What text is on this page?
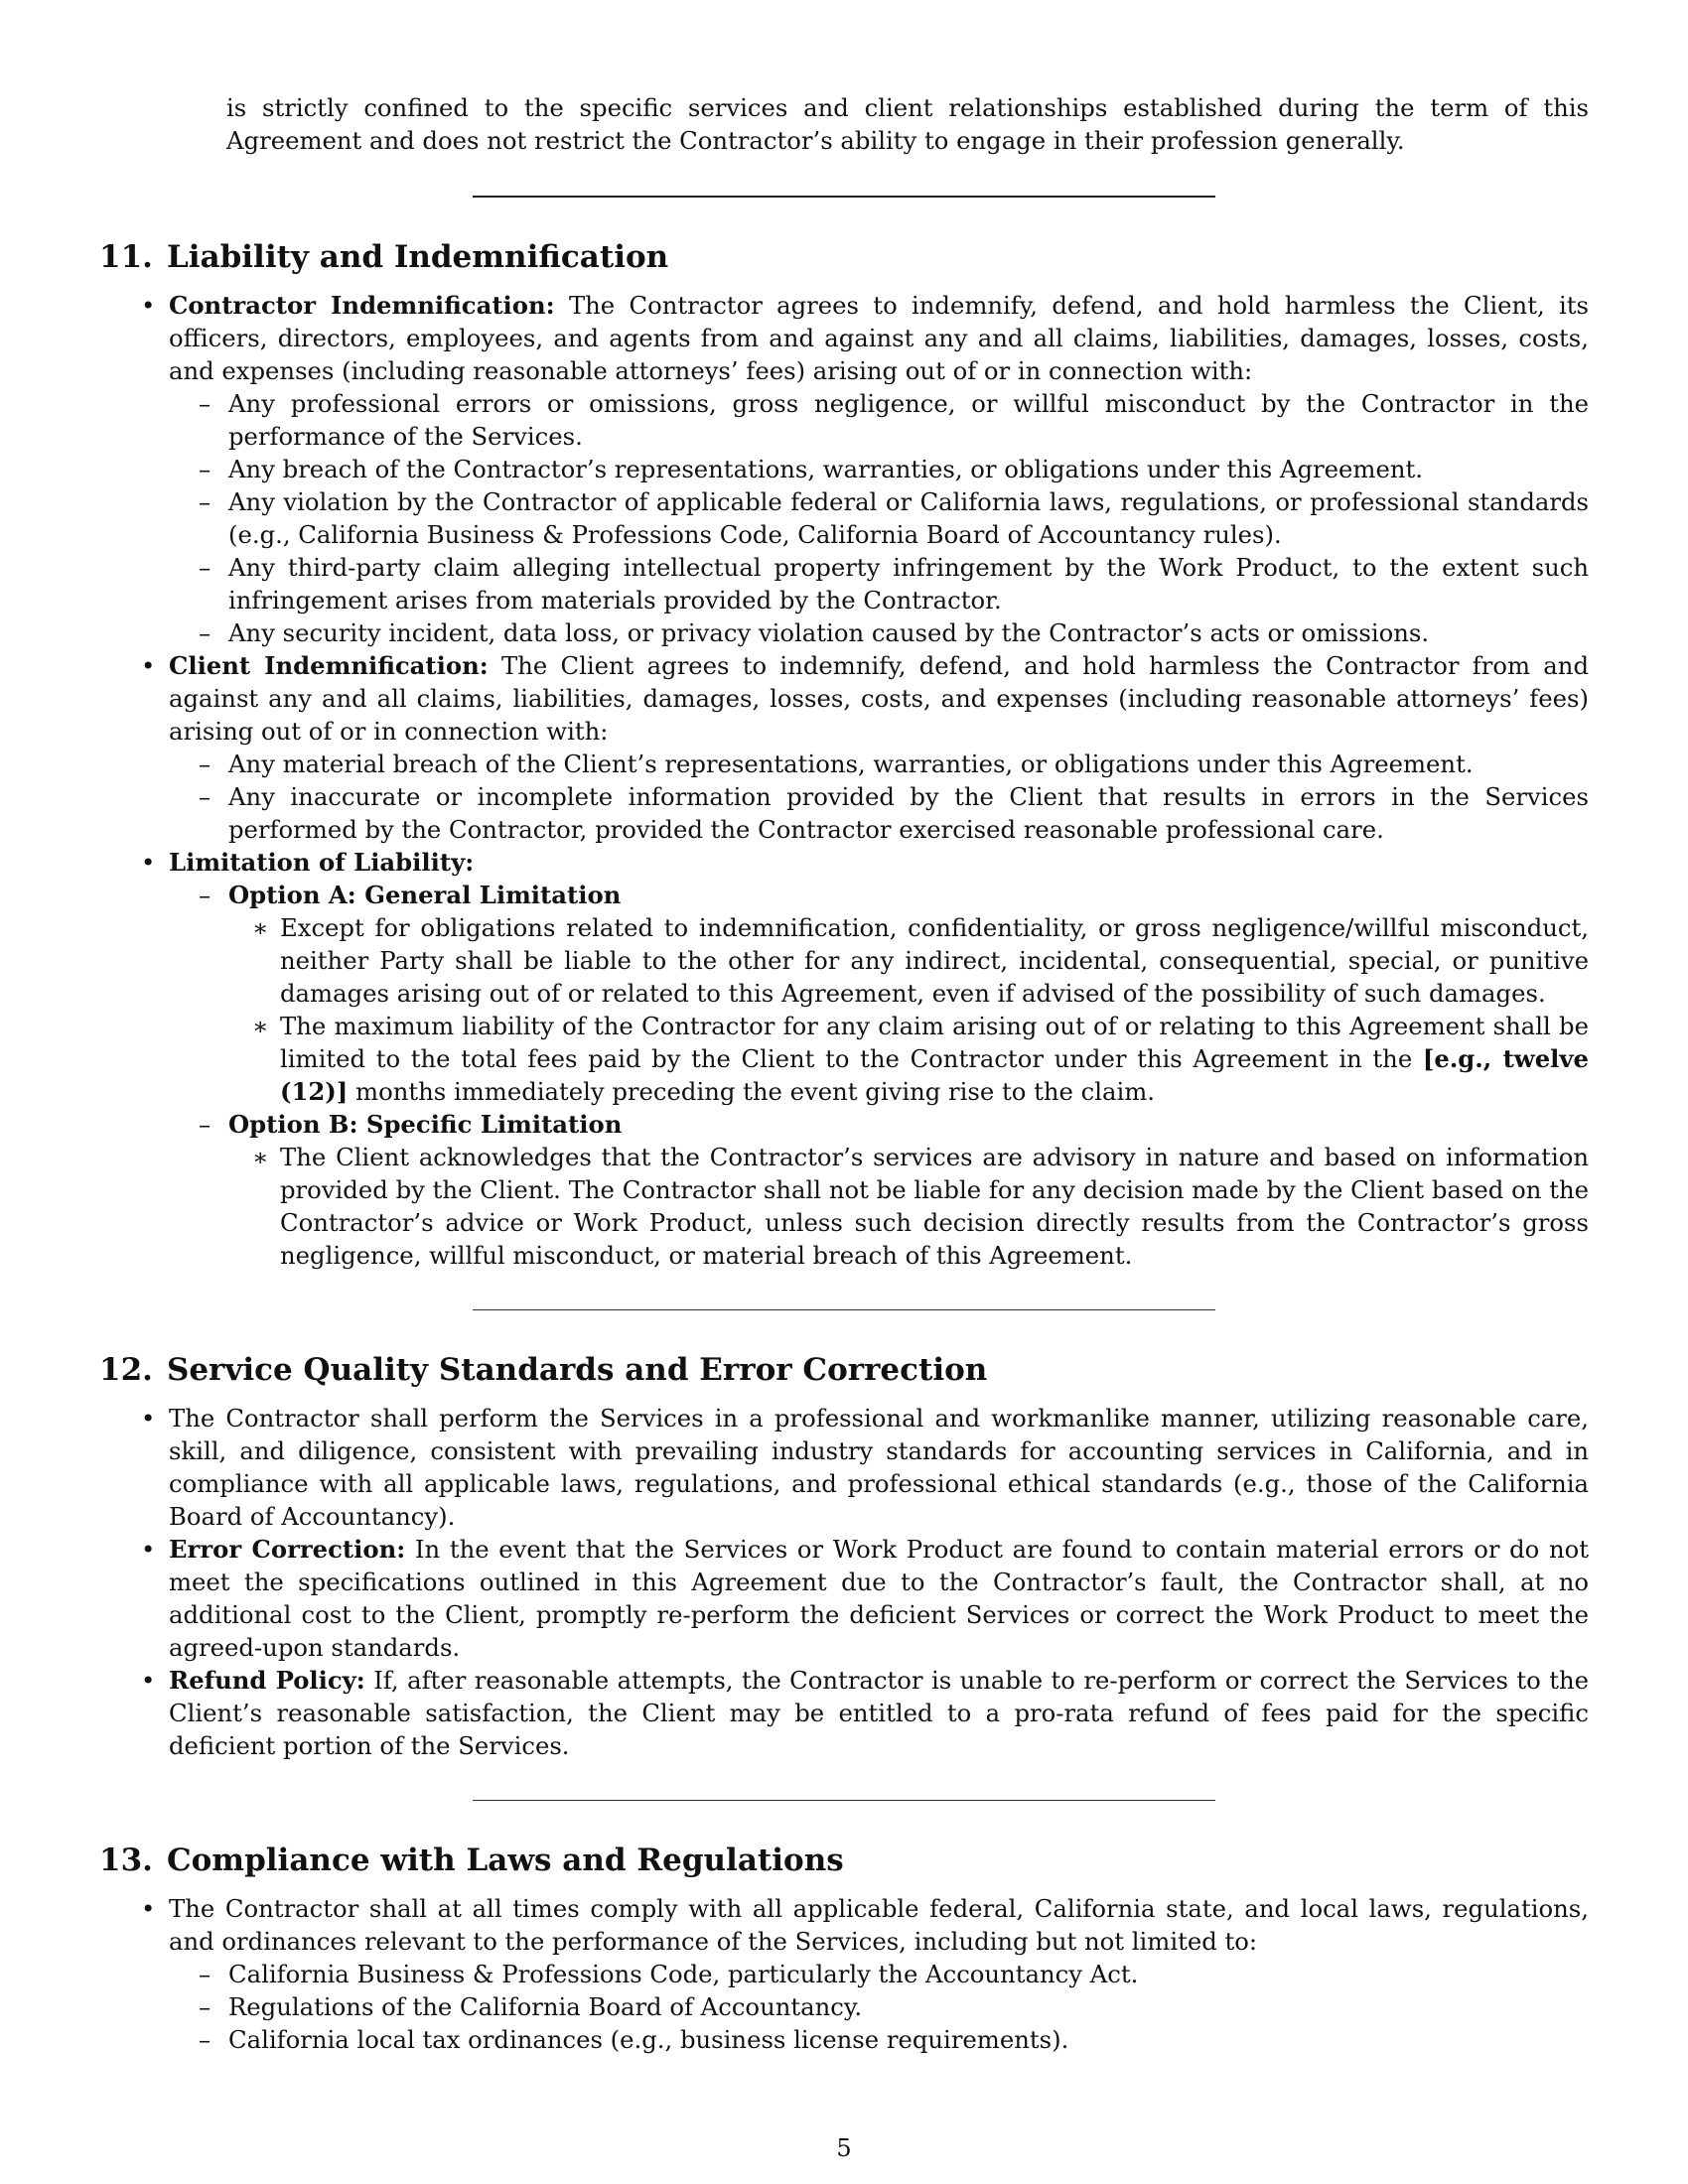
is strictly confined to the specific services and client relationships established during the term of this Agreement and does not restrict the Contractor’s ability to engage in their profession generally.

11. Liability and Indemnification
• Contractor Indemnification: The Contractor agrees to indemnify, defend, and hold harmless the Client, its officers, directors, employees, and agents from and against any and all claims, liabilities, damages, losses, costs, and expenses (including reasonable attorneys’ fees) arising out of or in connection with:
– Any professional errors or omissions, gross negligence, or willful misconduct by the Contractor in the performance of the Services.
– Any breach of the Contractor’s representations, warranties, or obligations under this Agreement.
– Any violation by the Contractor of applicable federal or California laws, regulations, or professional standards (e.g., California Business & Professions Code, California Board of Accountancy rules).
– Any third-party claim alleging intellectual property infringement by the Work Product, to the extent such infringement arises from materials provided by the Contractor.
– Any security incident, data loss, or privacy violation caused by the Contractor’s acts or omissions.
• Client Indemnification: The Client agrees to indemnify, defend, and hold harmless the Contractor from and against any and all claims, liabilities, damages, losses, costs, and expenses (including reasonable attorneys’ fees) arising out of or in connection with:
– Any material breach of the Client’s representations, warranties, or obligations under this Agreement.
– Any inaccurate or incomplete information provided by the Client that results in errors in the Services performed by the Contractor, provided the Contractor exercised reasonable professional care.
• Limitation of Liability:
– Option A: General Limitation
∗ Except for obligations related to indemnification, confidentiality, or gross negligence/willful misconduct, neither Party shall be liable to the other for any indirect, incidental, consequential, special, or punitive damages arising out of or related to this Agreement, even if advised of the possibility of such damages.
∗ The maximum liability of the Contractor for any claim arising out of or relating to this Agreement shall be limited to the total fees paid by the Client to the Contractor under this Agreement in the [e.g., twelve (12)] months immediately preceding the event giving rise to the claim.
– Option B: Specific Limitation
∗ The Client acknowledges that the Contractor’s services are advisory in nature and based on information provided by the Client. The Contractor shall not be liable for any decision made by the Client based on the Contractor’s advice or Work Product, unless such decision directly results from the Contractor’s gross negligence, willful misconduct, or material breach of this Agreement.
12. Service Quality Standards and Error Correction
• The Contractor shall perform the Services in a professional and workmanlike manner, utilizing reasonable care, skill, and diligence, consistent with prevailing industry standards for accounting services in California, and in compliance with all applicable laws, regulations, and professional ethical standards (e.g., those of the California Board of Accountancy).
• Error Correction: In the event that the Services or Work Product are found to contain material errors or do not meet the specifications outlined in this Agreement due to the Contractor’s fault, the Contractor shall, at no additional cost to the Client, promptly re-perform the deficient Services or correct the Work Product to meet the agreed-upon standards.
• Refund Policy: If, after reasonable attempts, the Contractor is unable to re-perform or correct the Services to the Client’s reasonable satisfaction, the Client may be entitled to a pro-rata refund of fees paid for the specific deficient portion of the Services.
13. Compliance with Laws and Regulations
• The Contractor shall at all times comply with all applicable federal, California state, and local laws, regulations, and ordinances relevant to the performance of the Services, including but not limited to:
– California Business & Professions Code, particularly the Accountancy Act.
– Regulations of the California Board of Accountancy.
– California local tax ordinances (e.g., business license requirements).
5
